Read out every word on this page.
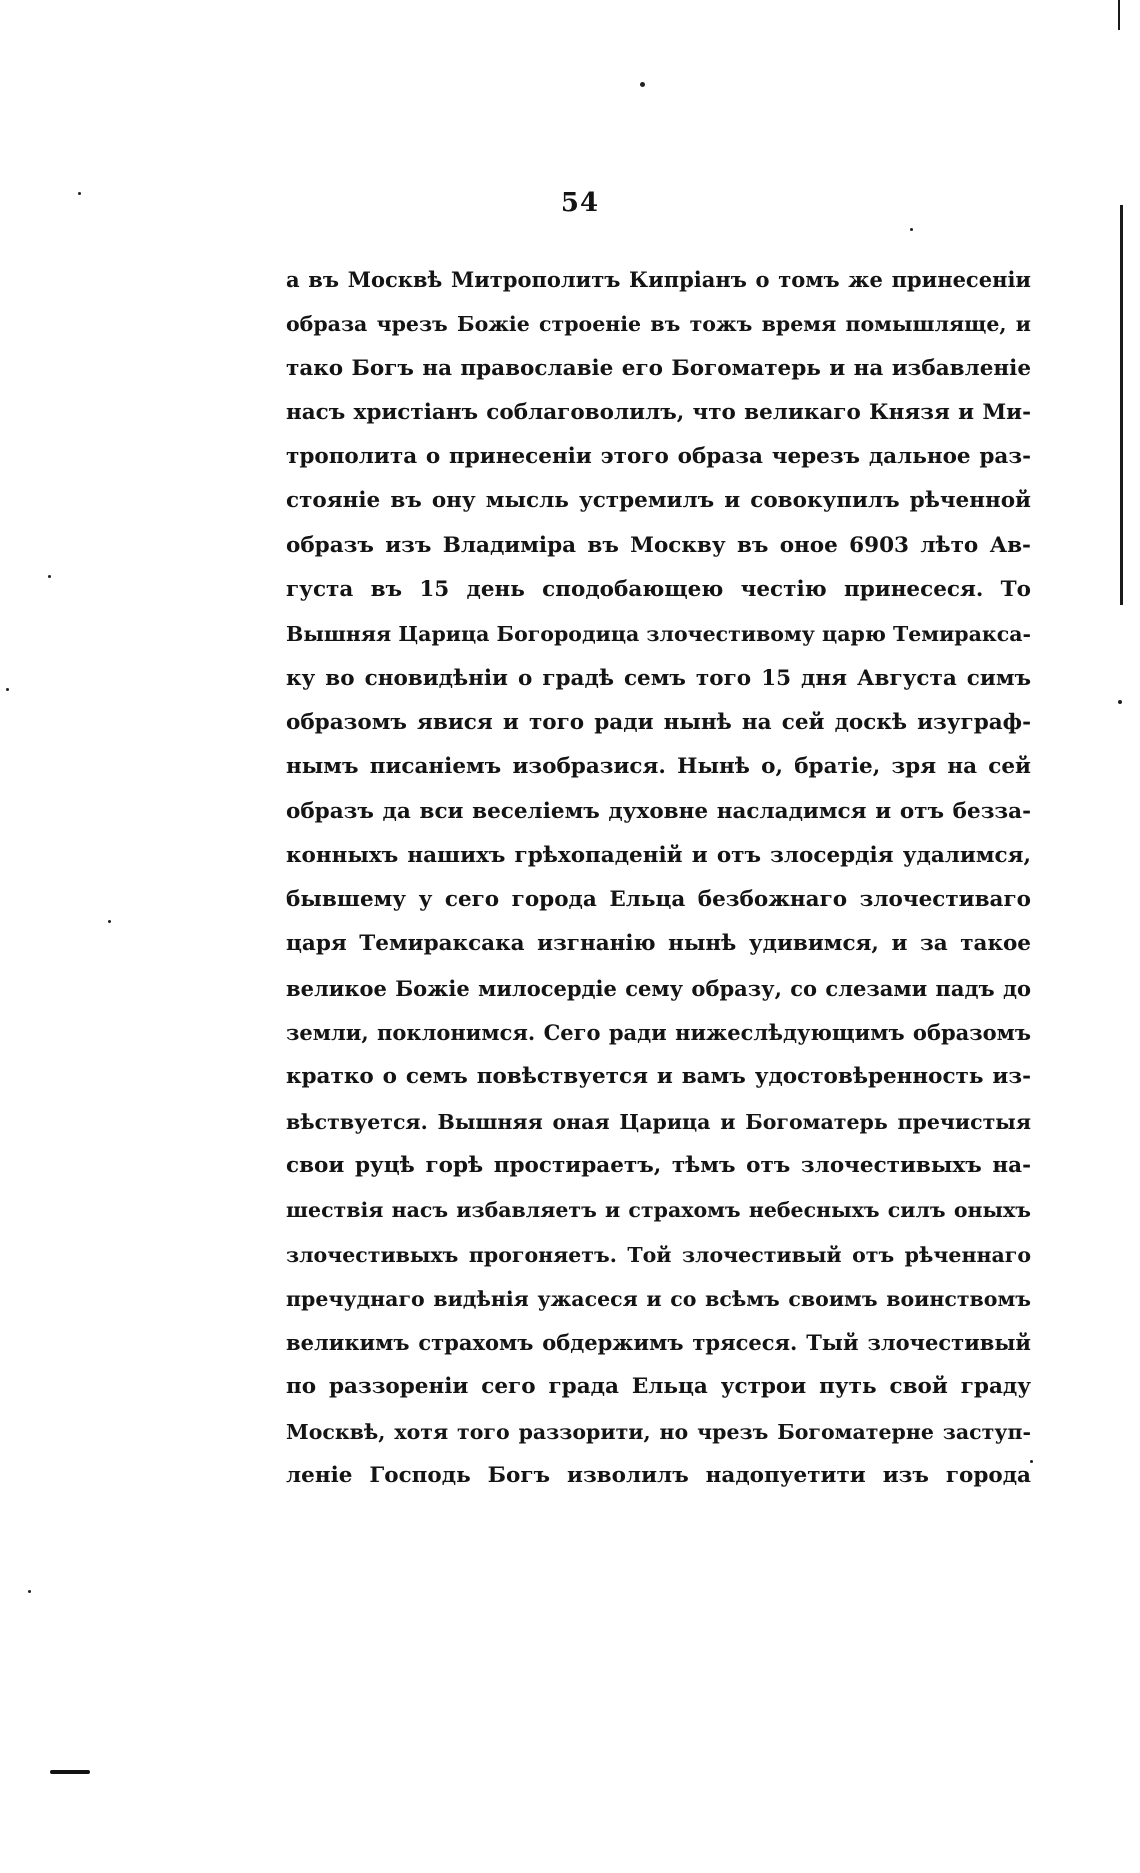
54
а въ Москвѣ Митрополитъ Кипріанъ о томъ же принесеніи
образа чрезъ Божіе строеніе въ тожъ время помышляще, и
тако Богъ на православіе его Богоматерь и на избавленіе
насъ христіанъ соблаговолилъ, что великаго Князя и Ми-
трополита о принесеніи этого образа черезъ дальное раз-
стояніе въ ону мысль устремилъ и совокупилъ рѣченной
образъ изъ Владиміра въ Москву въ оное 6903 лѣто Ав-
густа въ 15 день сподобающею честію принесеся. То
Вышняя Царица Богородица злочестивому царю Темиракса-
ку во сновидѣніи о градѣ семъ того 15 дня Августа симъ
образомъ явися и того ради нынѣ на сей доскѣ изуграф-
нымъ писаніемъ изобразися. Нынѣ о, братіе, зря на сей
образъ да вси веселіемъ духовне насладимся и отъ безза-
конныхъ нашихъ грѣхопаденій и отъ злосердія удалимся,
бывшему у сего города Ельца безбожнаго злочестиваго
царя Темираксака изгнанію нынѣ удивимся, и за такое
великое Божіе милосердіе сему образу, со слезами падъ до
земли, поклонимся. Сего ради нижеслѣдующимъ образомъ
кратко о семъ повѣствуется и вамъ удостовѣренность из-
вѣствуется. Вышняя оная Царица и Богоматерь пречистыя
свои руцѣ горѣ простираетъ, тѣмъ отъ злочестивыхъ на-
шествія насъ избавляетъ и страхомъ небесныхъ силъ оныхъ
злочестивыхъ прогоняетъ. Той злочестивый отъ рѣченнаго
пречуднаго видѣнія ужасеся и со всѣмъ своимъ воинствомъ
великимъ страхомъ обдержимъ трясеся. Тый злочестивый
по раззореніи сего града Ельца устрои путь свой граду
Москвѣ, хотя того раззорити, но чрезъ Богоматерне заступ-
леніе Господь Богъ изволилъ надопуетити изъ города
